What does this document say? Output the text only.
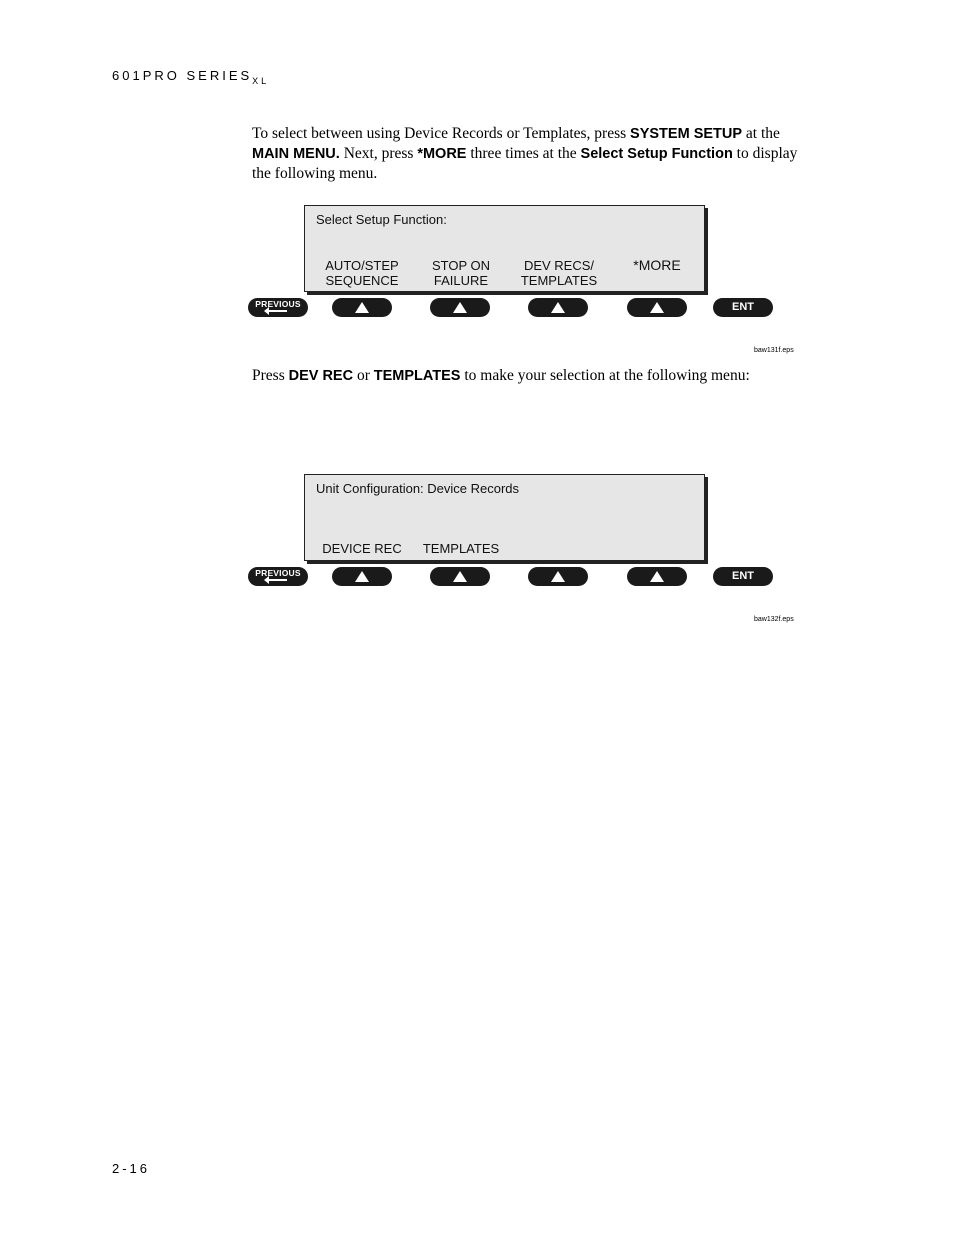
601PRO $SERIES_{XL}$
To select between using Device Records or Templates, press SYSTEM SETUP at the MAIN MENU. Next, press *MORE three times at the Select Setup Function to display the following menu.
Select Setup Function:
AUTO/STEP
SEQUENCE
STOP ON
FAILURE
DEV RECS/
TEMPLATES
*MORE
PREVIOUS	ENT
baw131f.eps
Press DEV REC or TEMPLATES to make your selection at the following menu:
Unit Configuration: Device Records
DEVICE REC	TEMPLATES
PREVIOUS	ENT
baw132f.eps
2-16
